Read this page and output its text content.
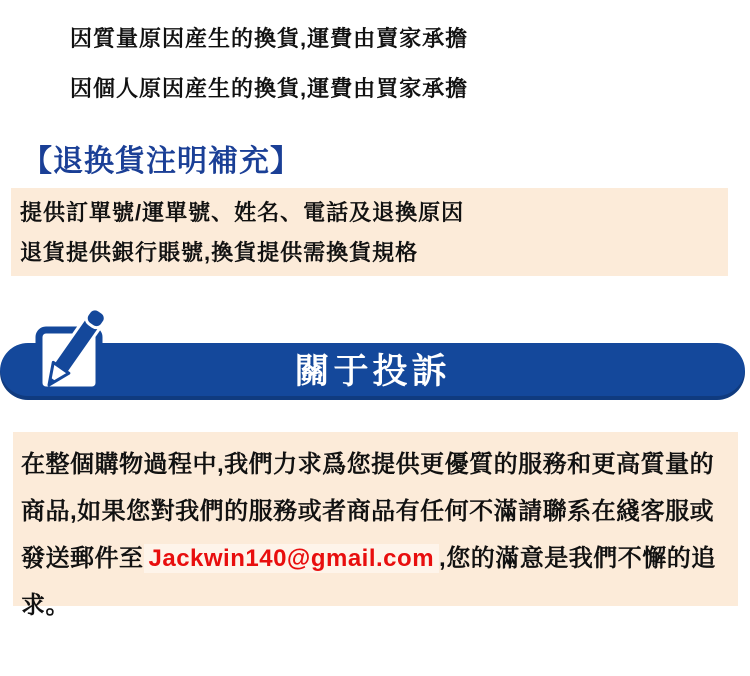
因質量原因産生的換貨,運費由賣家承擔
因個人原因産生的換貨,運費由買家承擔
【退换貨注明補充】
提供訂單號/運單號、姓名、電話及退換原因
退貨提供銀行賬號,換貨提供需換貨規格
關于投訴

在整個購物過程中,我們力求爲您提供更優質的服務和更高質量的商品,如果您對我們的服務或者商品有任何不滿請聯系在綫客服或發送郵件至 Jackwin140@gmail.com ,您的滿意是我們不懈的追求。
